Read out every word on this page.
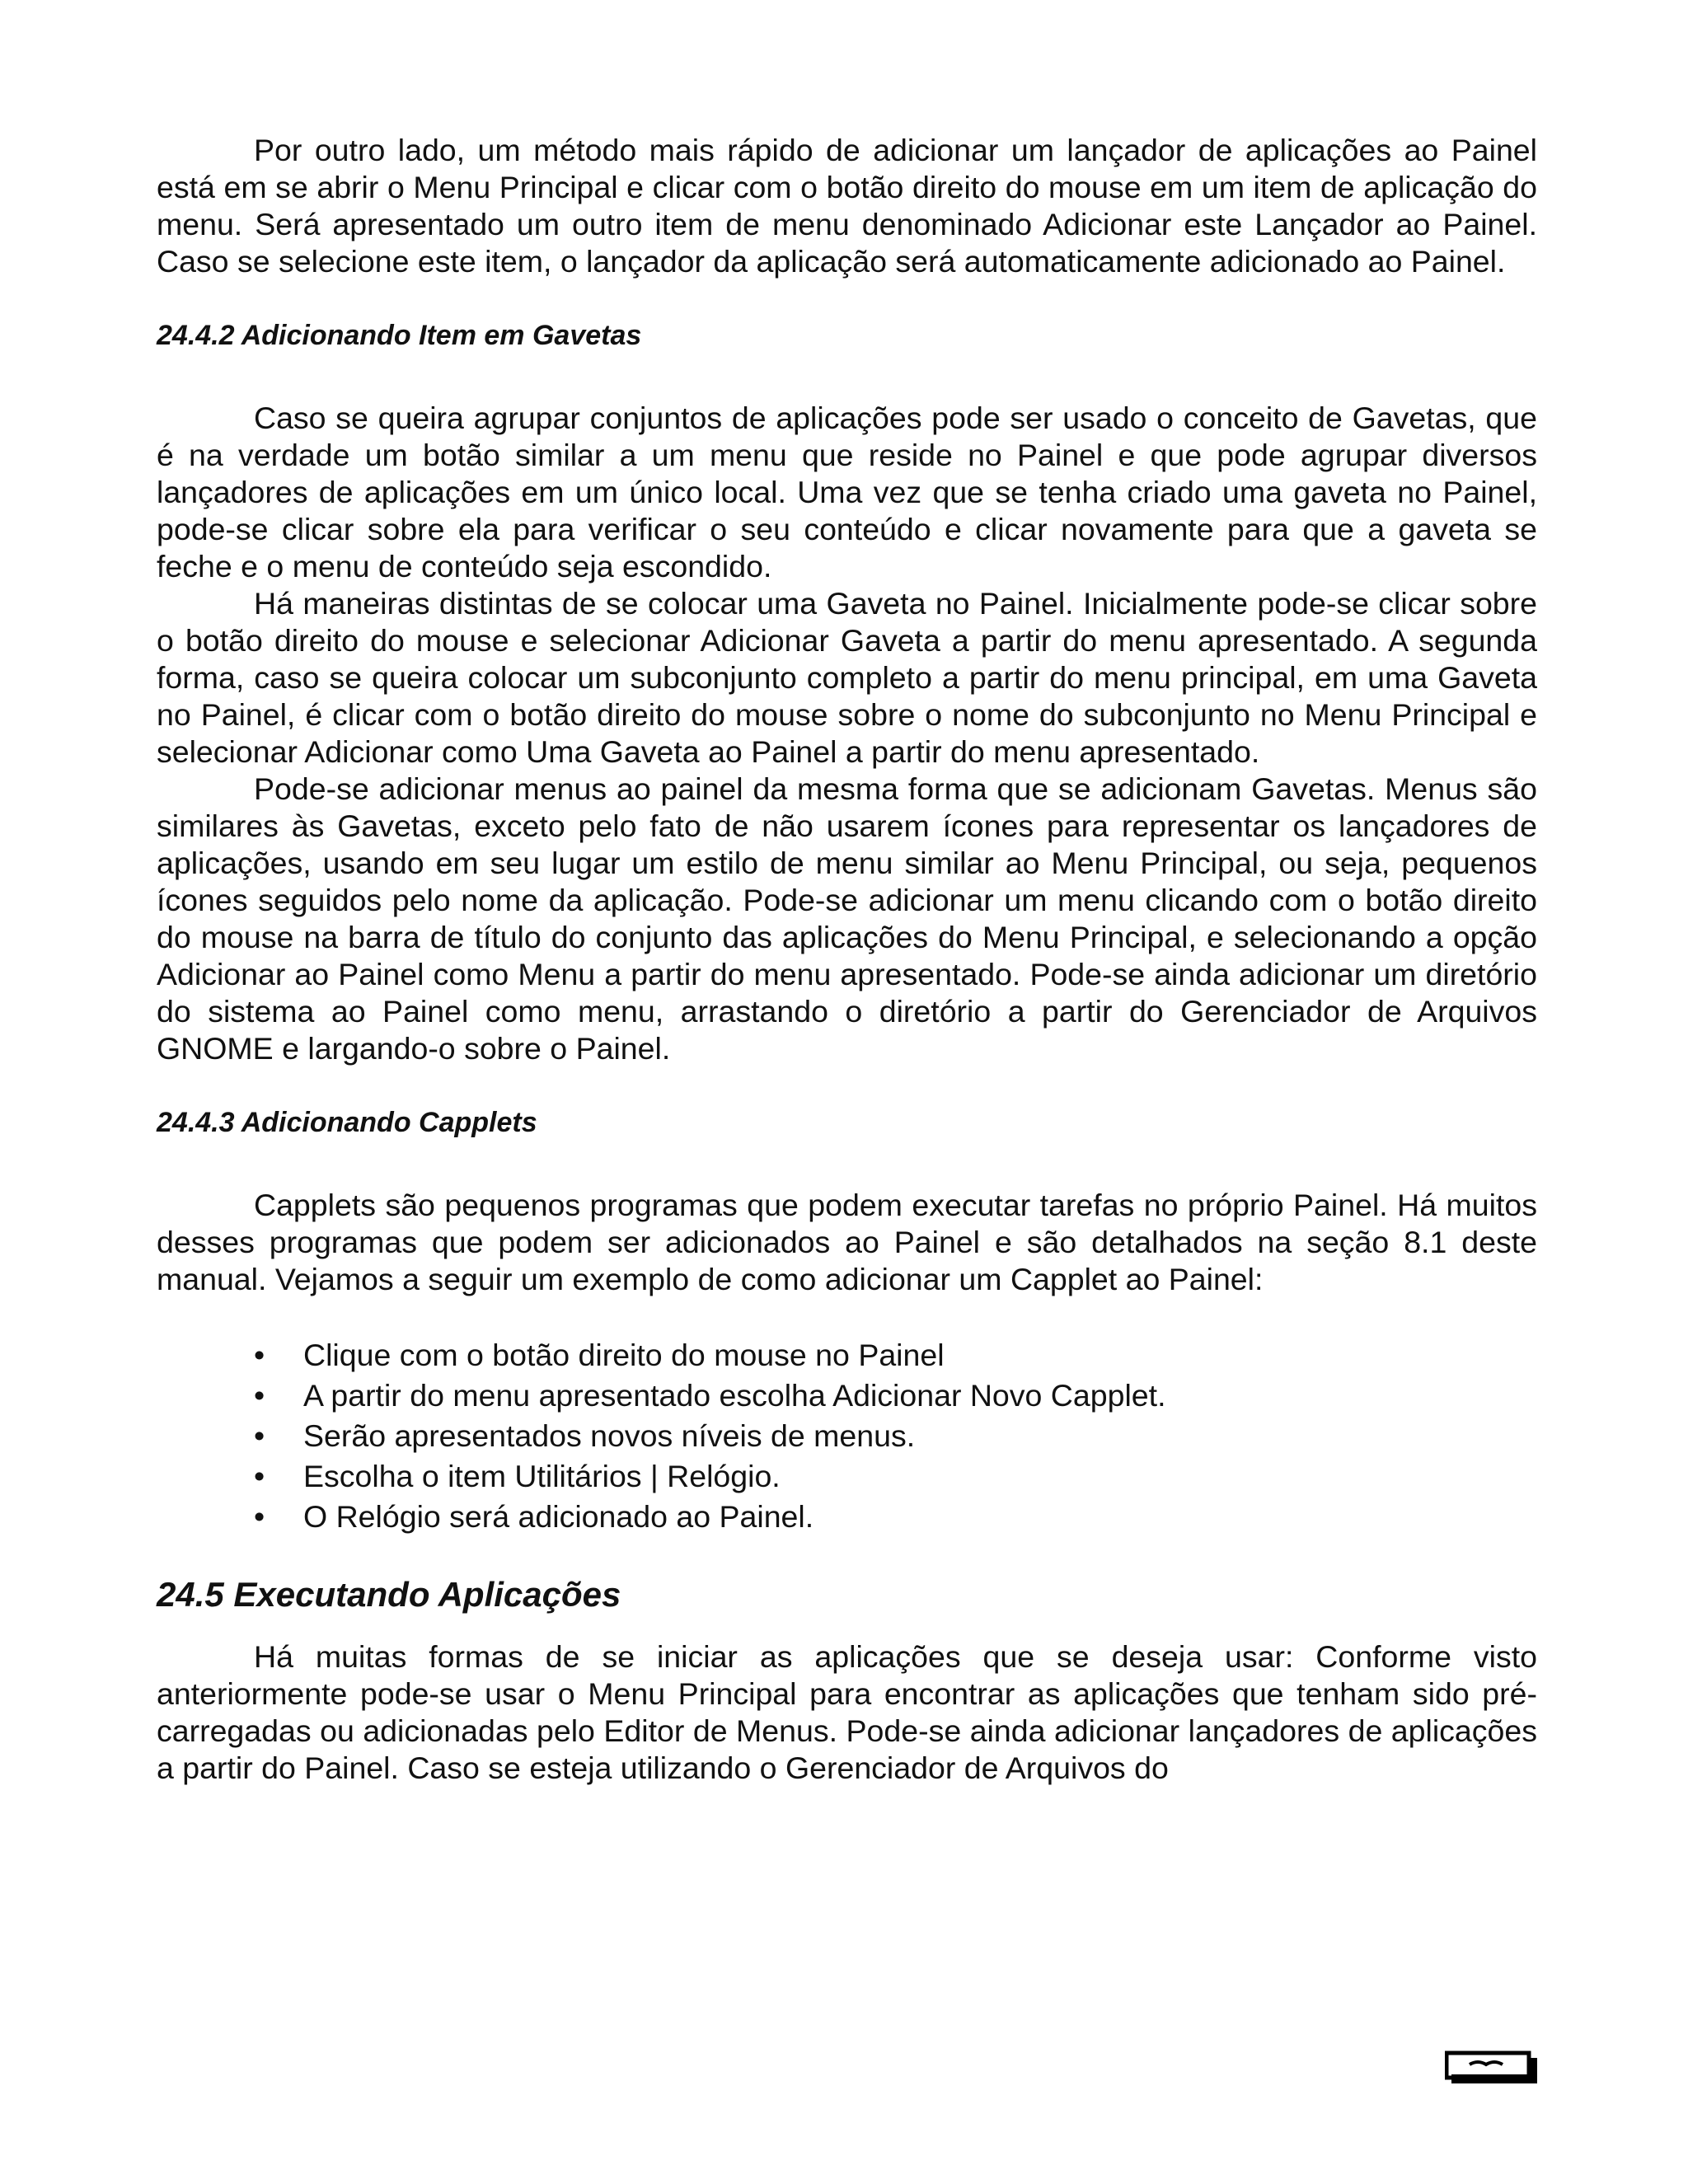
Por outro lado, um método mais rápido de adicionar um lançador de aplicações ao Painel está em se abrir o Menu Principal e clicar com o botão direito do mouse em um item de aplicação do menu. Será apresentado um outro item de menu denominado Adicionar este Lançador ao Painel. Caso se selecione este item, o lançador da aplicação será automaticamente adicionado ao Painel.

24.4.2 Adicionando Item em Gavetas

Caso se queira agrupar conjuntos de aplicações pode ser usado o conceito de Gavetas, que é na verdade um botão similar a um menu que reside no Painel e que pode agrupar diversos lançadores de aplicações em um único local. Uma vez que se tenha criado uma gaveta no Painel, pode-se clicar sobre ela para verificar o seu conteúdo e clicar novamente para que a gaveta se feche e o menu de conteúdo seja escondido.

Há maneiras distintas de se colocar uma Gaveta no Painel. Inicialmente pode-se clicar sobre o botão direito do mouse e selecionar Adicionar Gaveta a partir do menu apresentado. A segunda forma, caso se queira colocar um subconjunto completo a partir do menu principal, em uma Gaveta no Painel, é clicar com o botão direito do mouse sobre o nome do subconjunto no Menu Principal e selecionar Adicionar como Uma Gaveta ao Painel a partir do menu apresentado.

Pode-se adicionar menus ao painel da mesma forma que se adicionam Gavetas. Menus são similares às Gavetas, exceto pelo fato de não usarem ícones para representar os lançadores de aplicações, usando em seu lugar um estilo de menu similar ao Menu Principal, ou seja, pequenos ícones seguidos pelo nome da aplicação. Pode-se adicionar um menu clicando com o botão direito do mouse na barra de título do conjunto das aplicações do Menu Principal, e selecionando a opção Adicionar ao Painel como Menu a partir do menu apresentado. Pode-se ainda adicionar um diretório do sistema ao Painel como menu, arrastando o diretório a partir do Gerenciador de Arquivos GNOME e largando-o sobre o Painel.

24.4.3 Adicionando Capplets

Capplets são pequenos programas que podem executar tarefas no próprio Painel. Há muitos desses programas que podem ser adicionados ao Painel e são detalhados na seção 8.1 deste manual. Vejamos a seguir um exemplo de como adicionar um Capplet ao Painel:

• Clique com o botão direito do mouse no Painel
• A partir do menu apresentado escolha Adicionar Novo Capplet.
• Serão apresentados novos níveis de menus.
• Escolha o item Utilitários | Relógio.
• O Relógio será adicionado ao Painel.
24.5 Executando Aplicações

Há muitas formas de se iniciar as aplicações que se deseja usar: Conforme visto anteriormente pode-se usar o Menu Principal para encontrar as aplicações que tenham sido pré-carregadas ou adicionadas pelo Editor de Menus. Pode-se ainda adicionar lançadores de aplicações a partir do Painel. Caso se esteja utilizando o Gerenciador de Arquivos do
